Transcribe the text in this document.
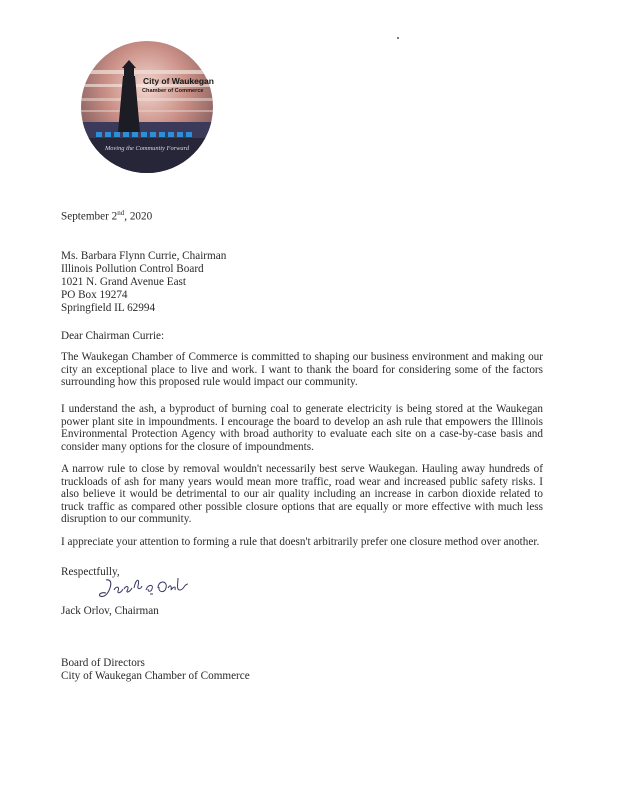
City of Waukegan
Chamber of Commerce
Moving the Community Forward

September 2nd, 2020

Ms. Barbara Flynn Currie, Chairman

Illinois Pollution Control Board

1021 N. Grand Avenue East

PO Box 19274

Springfield IL 62994

Dear Chairman Currie:

The Waukegan Chamber of Commerce is committed to shaping our business environment and making our city an exceptional place to live and work. I want to thank the board for considering some of the factors surrounding how this proposed rule would impact our community.

I understand the ash, a byproduct of burning coal to generate electricity is being stored at the Waukegan power plant site in impoundments. I encourage the board to develop an ash rule that empowers the Illinois Environmental Protection Agency with broad authority to evaluate each site on a case-by-case basis and consider many options for the closure of impoundments.

A narrow rule to close by removal wouldn't necessarily best serve Waukegan. Hauling away hundreds of truckloads of ash for many years would mean more traffic, road wear and increased public safety risks. I also believe it would be detrimental to our air quality including an increase in carbon dioxide related to truck traffic as compared other possible closure options that are equally or more effective with much less disruption to our community.

I appreciate your attention to forming a rule that doesn't arbitrarily prefer one closure method over another.

Respectfully,

Jack Orlov, Chairman

Board of Directors

City of Waukegan Chamber of Commerce
